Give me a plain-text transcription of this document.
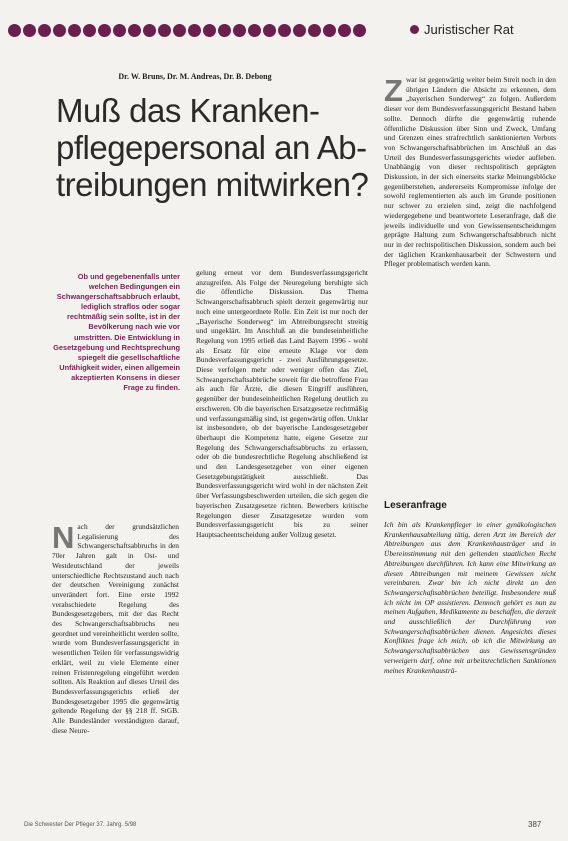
Juristischer Rat
Dr. W. Bruns, Dr. M. Andreas, Dr. B. Debong
Muß das Kranken-
pflegepersonal an Ab-
treibungen mitwirken?
Ob und gegebenenfalls unter welchen Bedingungen ein Schwangerschaftsabbruch erlaubt, lediglich straflos oder sogar rechtmäßig sein sollte, ist in der Bevölkerung nach wie vor umstritten. Die Entwicklung in Gesetzgebung und Rechtsprechung spiegelt die gesellschaftliche Unfähigkeit wider, einen allgemein akzeptierten Konsens in dieser Frage zu finden.
N ach der grundsätzlichen Legalisierung des Schwangerschaftsabbruchs in den 70er Jahren galt in Ost- und Westdeutschland der jeweils unterschiedliche Rechtszustand auch nach der deutschen Vereinigung zunächst unverändert fort. Eine erste 1992 verabschiedete Regelung des Bundesgesetzgebers, mit der das Recht des Schwangerschaftsabbruchs neu geordnet und vereinheitlicht werden sollte, wurde vom Bundesverfassungsgericht in wesentlichen Teilen für verfassungswidrig erklärt, weil zu viele Elemente einer reinen Fristenregelung eingeführt werden sollten. Als Reaktion auf dieses Urteil des Bundesverfassungsgerichts erließ der Bundesgesetzgeber 1995 die gegenwärtig geltende Regelung der §§ 218 ff. StGB. Alle Bundesländer verständigten darauf, diese Neure-
gelung erneut vor dem Bundesverfassungsgericht anzugreifen. Als Folge der Neuregelung beruhigte sich die öffentliche Diskussion. Das Thema Schwangerschaftsabbruch spielt derzeit gegenwärtig nur noch eine untergeordnete Rolle. Ein Zeit ist nur noch der „Bayerische Sonderweg“ im Abtreibungsrecht streitig und ungeklärt. Im Anschluß an die bundeseinheitliche Regelung von 1995 erließ das Land Bayern 1996 - wohl als Ersatz für eine erneute Klage vor dem Bundesverfassungsgericht - zwei Ausführungsgesetze. Diese verfolgen mehr oder weniger offen das Ziel, Schwangerschaftsabbrüche soweit für die betroffene Frau als auch für Ärzte, die diesen Eingriff ausführen, gegenüber der bundeseinheitlichen Regelung deutlich zu erschweren. Ob die bayerischen Ersatzgesetze rechtmäßig und verfassungsmäßig sind, ist gegenwärtig offen. Unklar ist insbesondere, ob der bayerische Landesgesetzgeber überhaupt die Kompetenz hatte, eigene Gesetze zur Regelung des Schwangerschaftsabbruchs zu erlassen, oder ob die bundesrechtliche Regelung abschließend ist und den Landesgesetzgeber von einer eigenen Gesetzgebungstätigkeit ausschließt. Das Bundesverfassungsgericht wird wohl in der nächsten Zeit über Verfassungsbeschwerden urteilen, die sich gegen die bayerischen Zusatzgesetze richten. Bewerbers kritische Regelungen dieser Zusatzgesetze wurden vom Bundesverfassungsgericht bis zu seiner Hauptsacheentscheidung außer Vollzug gesetzt.
Z war ist gegenwärtig weiter beim Streit noch in den übrigen Ländern die Absicht zu erkennen, dem „bayerischen Sonderweg“ zu folgen. Außerdem dieser vor dem Bundesverfassungsgericht Bestand haben sollte. Dennoch dürfte die gegenwärtig ruhende öffentliche Diskussion über Sinn und Zweck, Umfang und Grenzen eines strafrechtlich sanktionierten Verbots von Schwangerschaftsabbrüchen im Anschluß an das Urteil des Bundesverfassungsgerichts wieder aufleben. Unabhängig von dieser rechtspolitisch geprägten Diskussion, in der sich einerseits starke Meinungsblöcke gegenüberstehen, andererseits Kompromisse infolge der sowohl reglementierten als auch im Grunde positionen nur schwer zu erzielen sind, zeigt die nachfolgend wiedergegebene und beantwortete Leseranfrage, daß die jeweils individuelle und von Gewissensentscheidungen geprägte Haltung zum Schwangerschaftsabbruch nicht nur in der rechtspolitischen Diskussion, sondern auch bei der täglichen Krankenhausarbeit der Schwestern und Pfleger problematisch werden kann.
Leseranfrage
Ich bin als Krankenpfleger in einer gynäkologischen Krankenhausabteilung tätig, deren Arzt im Bereich der Abtreibungen aus dem Krankenhausträger und in Übereinstimmung mit den geltenden staatlichen Recht Abtreibungen durchführen. Ich kann eine Mitwirkung an diesen Abtreibungen mit meinem Gewissen nicht vereinbaren. Zwar bin ich nicht direkt an den Schwangerschaftsabbrüchen beteiligt. Insbesondere muß ich nicht im OP assistieren. Dennoch gehört es nun zu meinen Aufgaben, Medikamente zu beschaffen, die derzeit und ausschließlich der Durchführung von Schwangerschaftsabbrüchen dienen. Angesichts dieses Konfliktes frage ich mich, ob ich die Mitwirkung an Schwangerschaftsabbrüchen aus Gewissensgründen verweigern darf, ohne mit arbeitsrechtlichen Sanktionen meines Krankenhausträ-
Die Schwester Der Pfleger 37. Jahrg. 5/98	387
